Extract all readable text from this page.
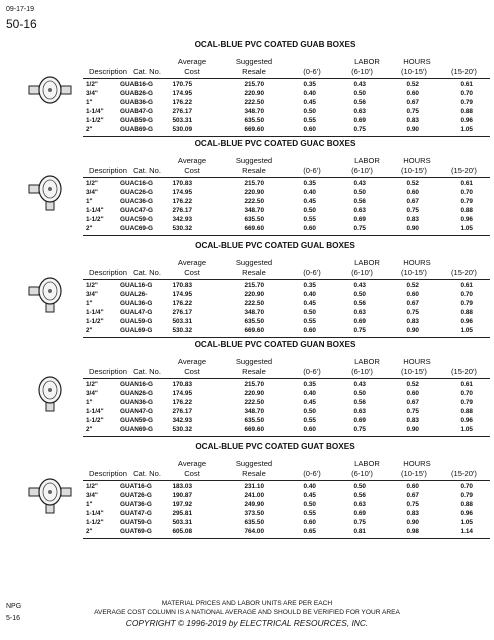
09-17-19
50-16
OCAL-BLUE PVC COATED GUAB BOXES
Average
Cost
Suggested
Resale
LABOR	HOURS
Description Cat. No.	(0-6')	(6-10')	(10-15')	(15-20')
1/2"	GUAB16-G	170.75	215.70	0.35	0.43	0.52	0.61
3/4"	GUAB26-G	174.95	220.90	0.40	0.50	0.60	0.70
1"	GUAB36-G	176.22	222.50	0.45	0.56	0.67	0.79
1-1/4"	GUAB47-G	276.17	348.70	0.50	0.63	0.75	0.88
1-1/2"	GUAB59-G	503.31	635.50	0.55	0.69	0.83	0.96
2"	GUAB69-G	530.09	669.60	0.60	0.75	0.90	1.05
OCAL-BLUE PVC COATED GUAC BOXES
Average
Cost
Suggested
Resale
LABOR	HOURS
Description Cat. No.	(0-6')	(6-10')	(10-15')	(15-20')
1/2"	GUAC16-G	170.83	215.70	0.35	0.43	0.52	0.61
3/4"	GUAC26-G	174.95	220.90	0.40	0.50	0.60	0.70
1"	GUAC36-G	176.22	222.50	0.45	0.56	0.67	0.79
1-1/4"	GUAC47-G	276.17	348.70	0.50	0.63	0.75	0.88
1-1/2"	GUAC59-G	342.93	635.50	0.55	0.69	0.83	0.96
2"	GUAC69-G	530.32	669.60	0.60	0.75	0.90	1.05
OCAL-BLUE PVC COATED GUAL BOXES
Average
Cost
Suggested
Resale
LABOR	HOURS
Description Cat. No.	(0-6')	(6-10')	(10-15')	(15-20')
1/2"	GUAL16-G	170.83	215.70	0.35	0.43	0.52	0.61
3/4"	GUAL26-	174.95	220.90	0.40	0.50	0.60	0.70
1"	GUAL36-G	176.22	222.50	0.45	0.56	0.67	0.79
1-1/4"	GUAL47-G	276.17	348.70	0.50	0.63	0.75	0.88
1-1/2"	GUAL59-G	503.31	635.50	0.55	0.69	0.83	0.96
2"	GUAL69-G	530.32	669.60	0.60	0.75	0.90	1.05
OCAL-BLUE PVC COATED GUAN BOXES
Average
Cost
Suggested
Resale
LABOR	HOURS
Description Cat. No.	(0-6')	(6-10')	(10-15')	(15-20')
1/2"	GUAN16-G	170.83	215.70	0.35	0.43	0.52	0.61
3/4"	GUAN26-G	174.95	220.90	0.40	0.50	0.60	0.70
1"	GUAN36-G	176.22	222.50	0.45	0.56	0.67	0.79
1-1/4"	GUAN47-G	276.17	348.70	0.50	0.63	0.75	0.88
1-1/2"	GUAN59-G	342.93	635.50	0.55	0.69	0.83	0.96
2"	GUAN69-G	530.32	669.60	0.60	0.75	0.90	1.05
OCAL-BLUE PVC COATED GUAT BOXES
Average
Cost
Suggested
Resale
LABOR	HOURS
Description Cat. No.	(0-6')	(6-10')	(10-15')	(15-20')
1/2"	GUAT16-G	183.03	231.10	0.40	0.50	0.60	0.70
3/4"	GUAT26-G	190.87	241.00	0.45	0.56	0.67	0.79
1"	GUAT36-G	197.92	249.90	0.50	0.63	0.75	0.88
1-1/4"	GUAT47-G	295.81	373.50	0.55	0.69	0.83	0.96
1-1/2"	GUAT59-G	503.31	635.50	0.60	0.75	0.90	1.05
2"	GUAT69-G	605.08	764.00	0.65	0.81	0.98	1.14
MATERIAL PRICES AND LABOR UNITS ARE PER EACH
AVERAGE COST COLUMN IS A NATIONAL AVERAGE AND SHOULD BE VERIFIED FOR YOUR AREA
COPYRIGHT © 1996-2019 by ELECTRICAL RESOURCES, INC.
NPG
5-16
